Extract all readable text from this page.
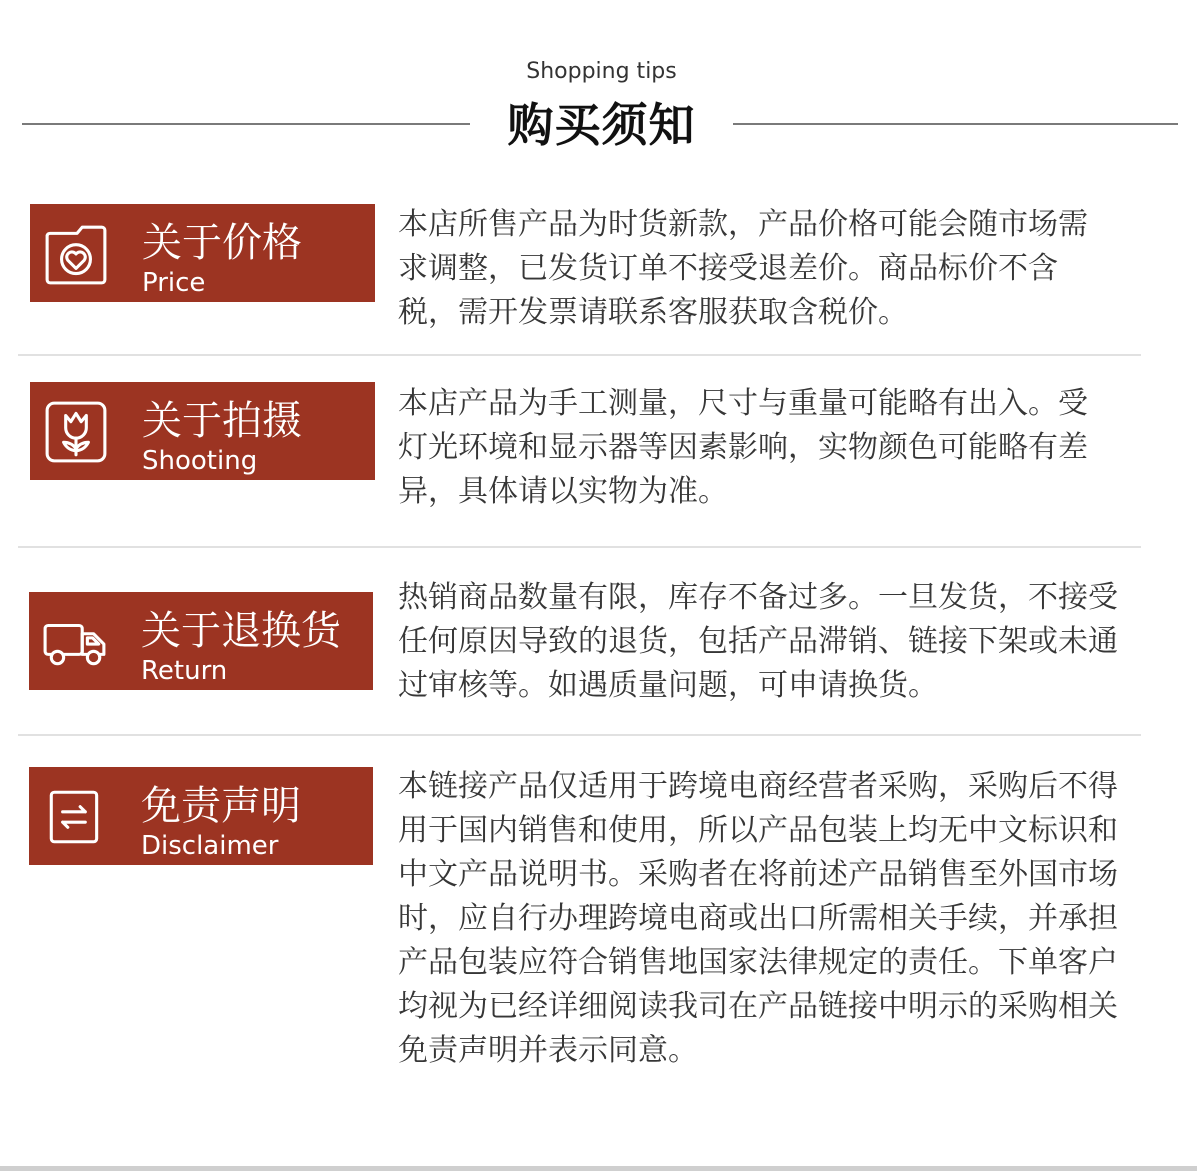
Shopping tips
购买须知
关于价格
Price
本店所售产品为时货新款，产品价格可能会随市场需
求调整，已发货订单不接受退差价。商品标价不含
税，需开发票请联系客服获取含税价。
关于拍摄
Shooting
本店产品为手工测量，尺寸与重量可能略有出入。受
灯光环境和显示器等因素影响，实物颜色可能略有差
异，具体请以实物为准。
关于退换货
Return
热销商品数量有限，库存不备过多。一旦发货，不接受
任何原因导致的退货，包括产品滞销、链接下架或未通
过审核等。如遇质量问题，可申请换货。
免责声明
Disclaimer
本链接产品仅适用于跨境电商经营者采购，采购后不得
用于国内销售和使用，所以产品包装上均无中文标识和
中文产品说明书。采购者在将前述产品销售至外国市场
时，应自行办理跨境电商或出口所需相关手续，并承担
产品包装应符合销售地国家法律规定的责任。下单客户
均视为已经详细阅读我司在产品链接中明示的采购相关
免责声明并表示同意。
